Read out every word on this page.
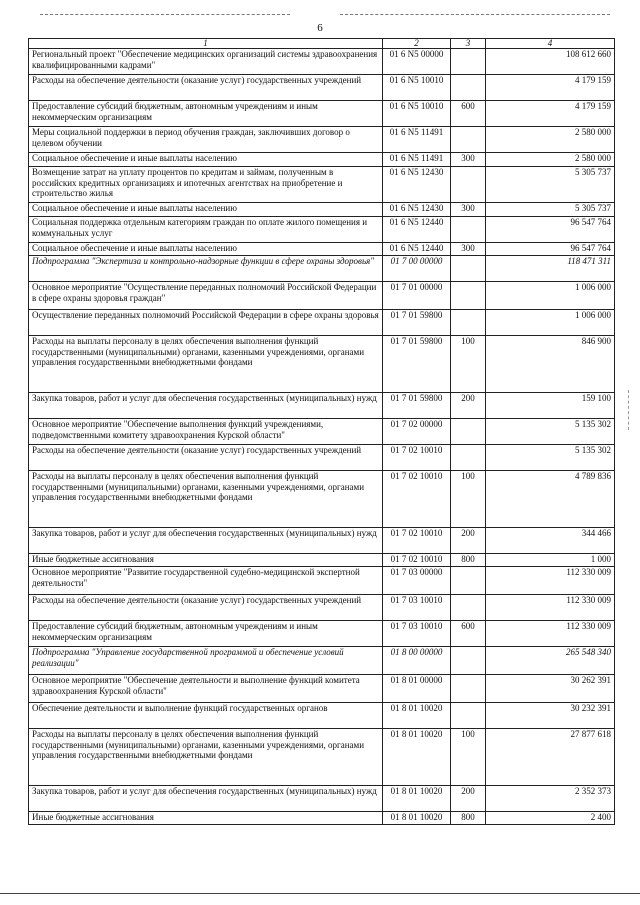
6
1	2	3	4
Региональный проект "Обеспечение медицинских организаций системы здравоохранения квалифицированными кадрами"	01 6 N5 00000		108 612 660
Расходы на обеспечение деятельности (оказание услуг) государственных учреждений	01 6 N5 10010		4 179 159
Предоставление субсидий бюджетным, автономным учреждениям и иным некоммерческим организациям	01 6 N5 10010	600	4 179 159
Меры социальной поддержки в период обучения граждан, заключивших договор о целевом обучении	01 6 N5 11491		2 580 000
Социальное обеспечение и иные выплаты населению	01 6 N5 11491	300	2 580 000
Возмещение затрат на уплату процентов по кредитам и займам, полученным в российских кредитных организациях и ипотечных агентствах на приобретение и строительство жилья	01 6 N5 12430		5 305 737
Социальное обеспечение и иные выплаты населению	01 6 N5 12430	300	5 305 737
Социальная поддержка отдельным категориям граждан по оплате жилого помещения и коммунальных услуг	01 6 N5 12440		96 547 764
Социальное обеспечение и иные выплаты населению	01 6 N5 12440	300	96 547 764
Подпрограмма "Экспертиза и контрольно-надзорные функции в сфере охраны здоровья"	01 7 00 00000		118 471 311
Основное мероприятие "Осуществление переданных полномочий Российской Федерации в сфере охраны здоровья граждан"	01 7 01 00000		1 006 000
Осуществление переданных полномочий Российской Федерации в сфере охраны здоровья	01 7 01 59800		1 006 000
Расходы на выплаты персоналу в целях обеспечения выполнения функций государственными (муниципальными) органами, казенными учреждениями, органами управления государственными внебюджетными фондами	01 7 01 59800	100	846 900
Закупка товаров, работ и услуг для обеспечения государственных (муниципальных) нужд	01 7 01 59800	200	159 100
Основное мероприятие "Обеспечение выполнения функций учреждениями, подведомственными комитету здравоохранения Курской области"	01 7 02 00000		5 135 302
Расходы на обеспечение деятельности (оказание услуг) государственных учреждений	01 7 02 10010		5 135 302
Расходы на выплаты персоналу в целях обеспечения выполнения функций государственными (муниципальными) органами, казенными учреждениями, органами управления государственными внебюджетными фондами	01 7 02 10010	100	4 789 836
Закупка товаров, работ и услуг для обеспечения государственных (муниципальных) нужд	01 7 02 10010	200	344 466
Иные бюджетные ассигнования	01 7 02 10010	800	1 000
Основное мероприятие "Развитие государственной судебно-медицинской экспертной деятельности"	01 7 03 00000		112 330 009
Расходы на обеспечение деятельности (оказание услуг) государственных учреждений	01 7 03 10010		112 330 009
Предоставление субсидий бюджетным, автономным учреждениям и иным некоммерческим организациям	01 7 03 10010	600	112 330 009
Подпрограмма "Управление государственной программой и обеспечение условий реализации"	01 8 00 00000		265 548 340
Основное мероприятие "Обеспечение деятельности и выполнение функций комитета здравоохранения Курской области"	01 8 01 00000		30 262 391
Обеспечение деятельности и выполнение функций государственных органов	01 8 01 10020		30 232 391
Расходы на выплаты персоналу в целях обеспечения выполнения функций государственными (муниципальными) органами, казенными учреждениями, органами управления государственными внебюджетными фондами	01 8 01 10020	100	27 877 618
Закупка товаров, работ и услуг для обеспечения государственных (муниципальных) нужд	01 8 01 10020	200	2 352 373
Иные бюджетные ассигнования	01 8 01 10020	800	2 400
